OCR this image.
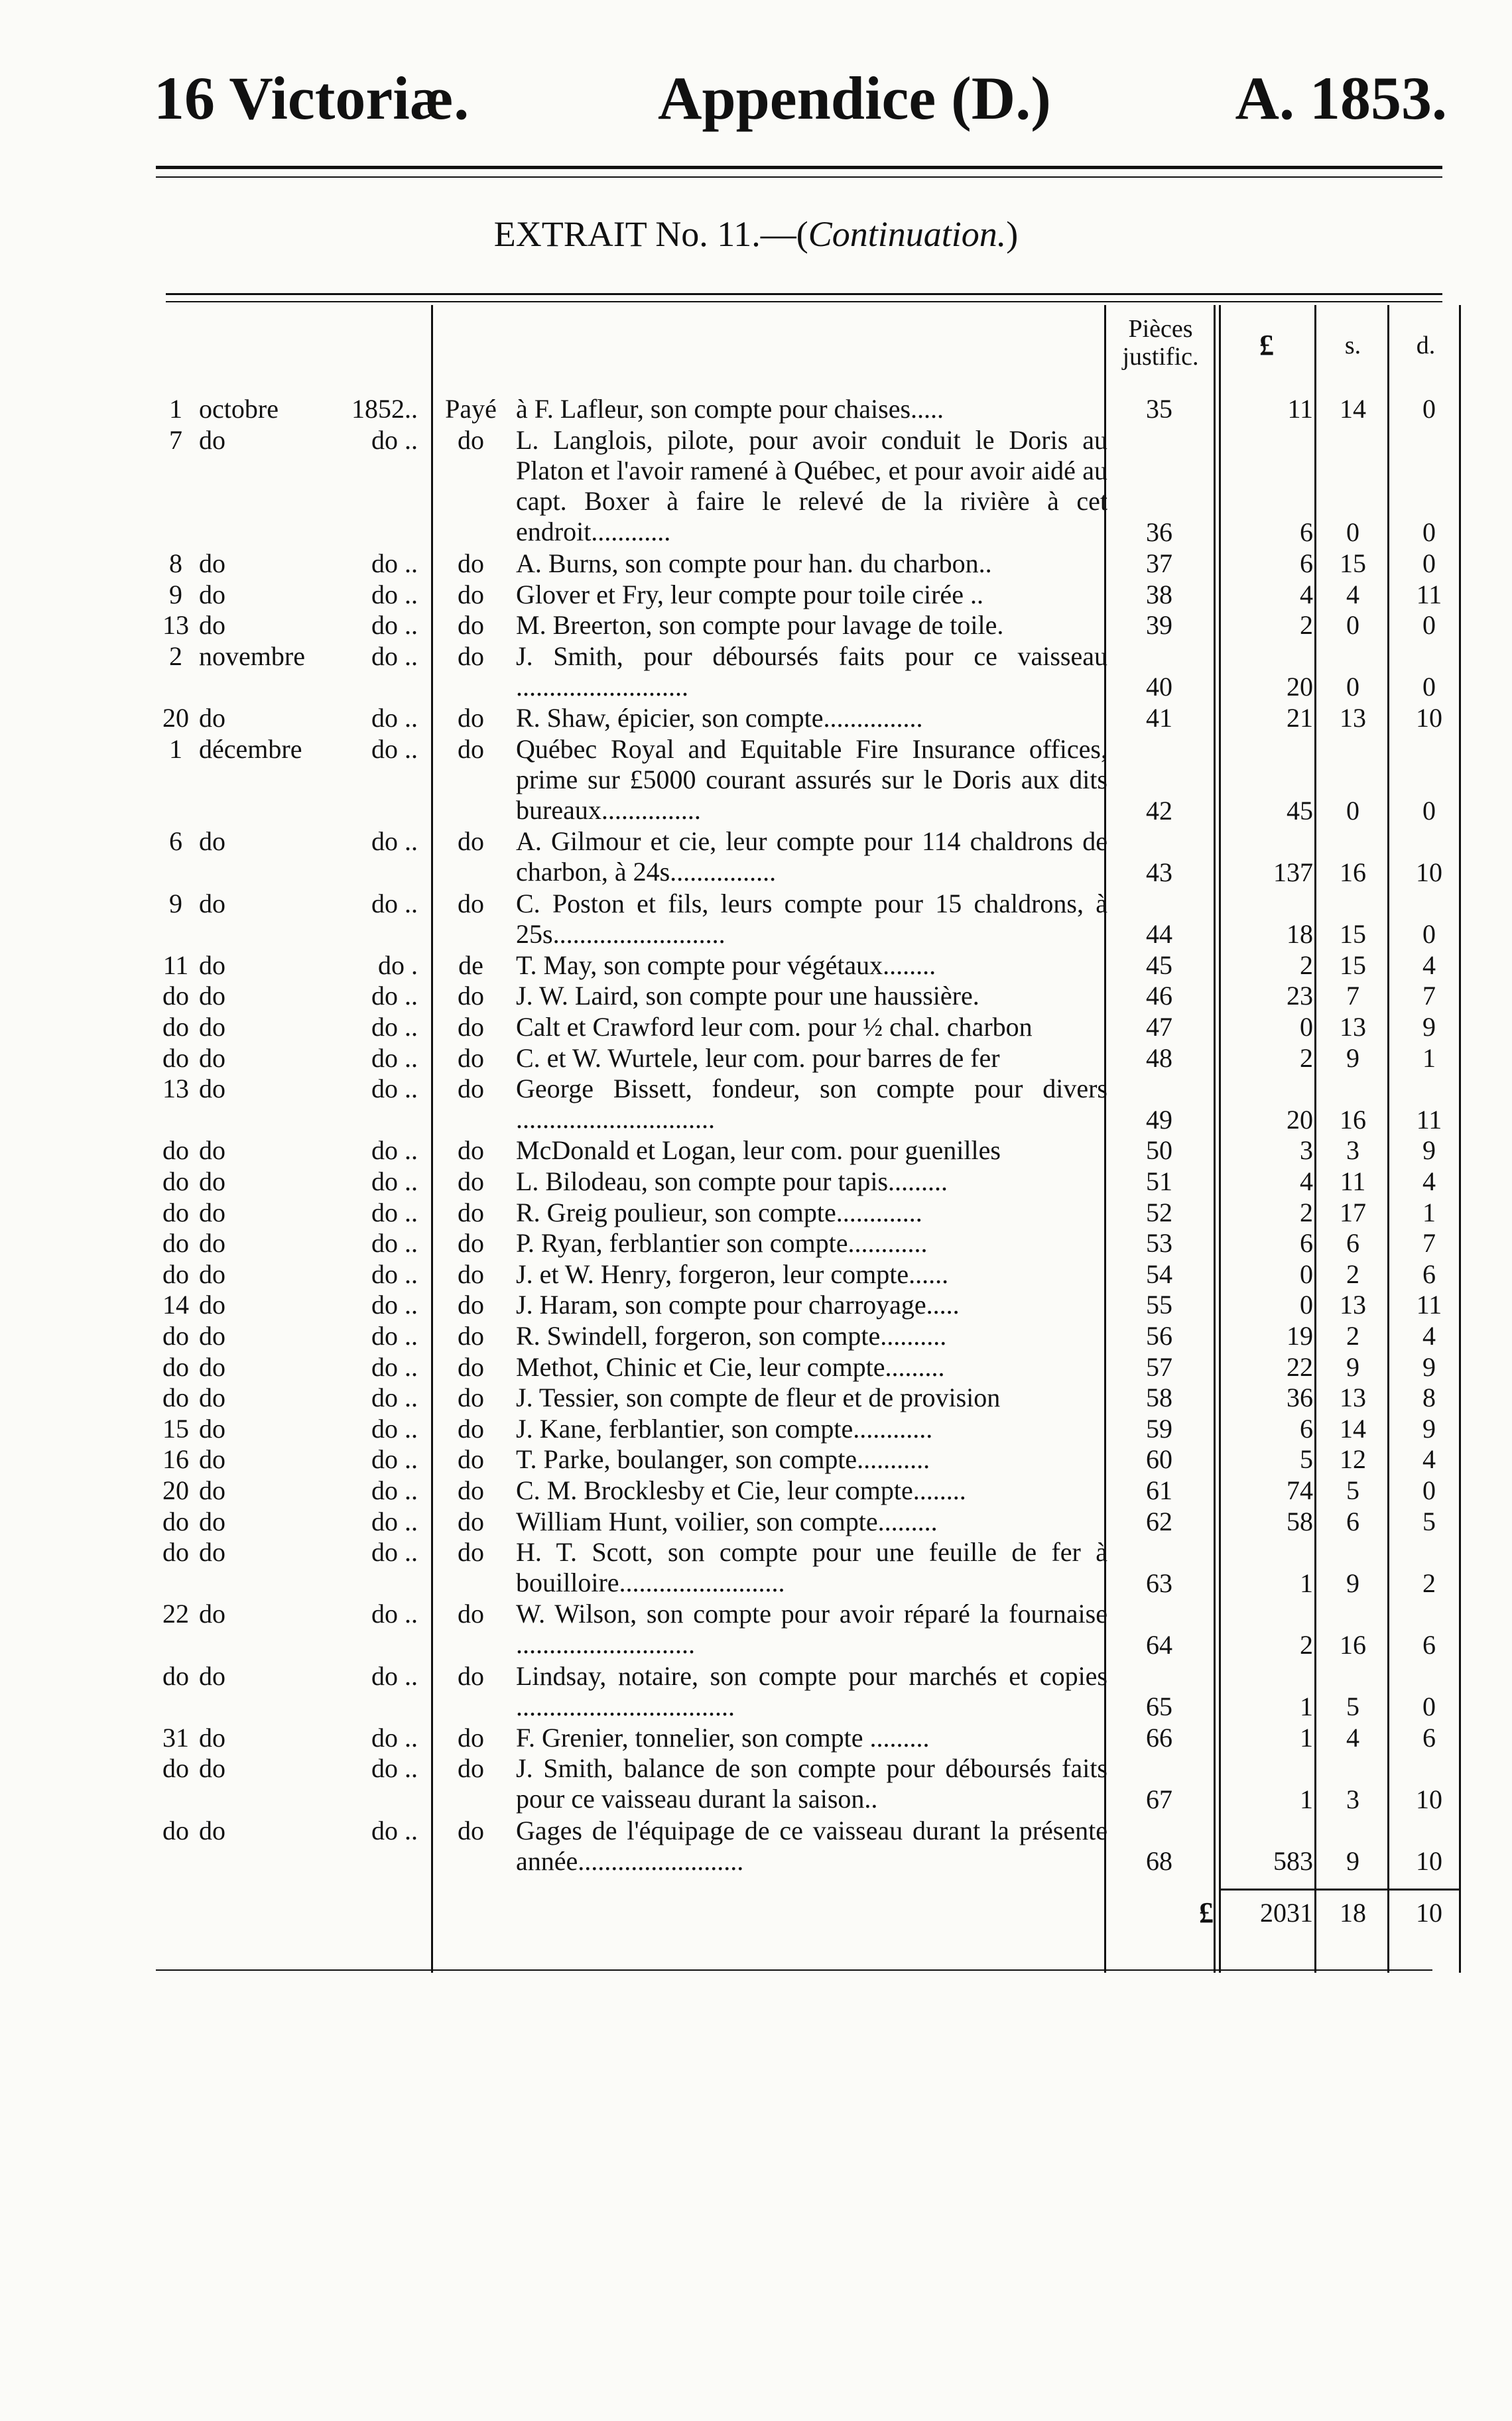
16 Victoriæ.	Appendice (D.)	A. 1853.
EXTRAIT No. 11.—(Continuation.)
Pièces justific.	£	s.	d.
1 octobre	1852.. Payé à F. Lafleur, son compte pour chaises.....	35	11	14	0
7 do	do ..	do	L. Langlois, pilote, pour avoir conduit le Doris au Platon et l'avoir ramené à Québec, et pour avoir aidé au capt. Boxer à faire le relevé de la rivière à cet endroit............	36	6	0	0
8 do	do ..	do	A. Burns, son compte pour han. du charbon..	37	6	15	0
9 do	do ..	do	Glover et Fry, leur compte pour toile cirée ..	38	4	4	11
13 do	do ..	do	M. Breerton, son compte pour lavage de toile.	39	2	0	0
2 novembre	do ..	do	J. Smith, pour déboursés faits pour ce vaisseau ..........................	40	20	0	0
20 do	do ..	do	R. Shaw, épicier, son compte...............	41	21	13	10
1 décembre	do ..	do	Québec Royal and Equitable Fire Insurance offices, prime sur £5000 courant assurés sur le Doris aux dits bureaux...............	42	45	0	0
6 do	do ..	do	A. Gilmour et cie, leur compte pour 114 chaldrons de charbon, à 24s................	43	137	16	10
9 do	do ..	do	C. Poston et fils, leurs compte pour 15 chaldrons, à 25s..........................	44	18	15	0
11 do	do .	de	T. May, son compte pour végétaux........	45	2	15	4
do do	do ..	do	J. W. Laird, son compte pour une haussière.	46	23	7	7
do do	do ..	do	Calt et Crawford leur com. pour ½ chal. charbon	47	0	13	9
do do	do ..	do	C. et W. Wurtele, leur com. pour barres de fer	48	2	9	1
13 do	do ..	do	George Bissett, fondeur, son compte pour divers ..............................	49	20	16	11
do do	do ..	do	McDonald et Logan, leur com. pour guenilles	50	3	3	9
do do	do ..	do	L. Bilodeau, son compte pour tapis.........	51	4	11	4
do do	do ..	do	R. Greig poulieur, son compte.............	52	2	17	1
do do	do ..	do	P. Ryan, ferblantier son compte............	53	6	6	7
do do	do ..	do	J. et W. Henry, forgeron, leur compte......	54	0	2	6
14 do	do ..	do	J. Haram, son compte pour charroyage.....	55	0	13	11
do do	do ..	do	R. Swindell, forgeron, son compte..........	56	19	2	4
do do	do ..	do	Methot, Chinic et Cie, leur compte.........	57	22	9	9
do do	do ..	do	J. Tessier, son compte de fleur et de provision	58	36	13	8
15 do	do ..	do	J. Kane, ferblantier, son compte............	59	6	14	9
16 do	do ..	do	T. Parke, boulanger, son compte...........	60	5	12	4
20 do	do ..	do	C. M. Brocklesby et Cie, leur compte........	61	74	5	0
do do	do ..	do	William Hunt, voilier, son compte.........	62	58	6	5
do do	do ..	do	H. T. Scott, son compte pour une feuille de fer à bouilloire.........................	63	1	9	2
22 do	do ..	do	W. Wilson, son compte pour avoir réparé la fournaise ...........................	64	2	16	6
do do	do ..	do	Lindsay, notaire, son compte pour marchés et copies .................................	65	1	5	0
31 do	do ..	do	F. Grenier, tonnelier, son compte .........	66	1	4	6
do do	do ..	do	J. Smith, balance de son compte pour déboursés faits pour ce vaisseau durant la saison..	67	1	3	10
do do	do ..	do	Gages de l'équipage de ce vaisseau durant la présente année.........................	68	583	9	10
£	2031	18	10
